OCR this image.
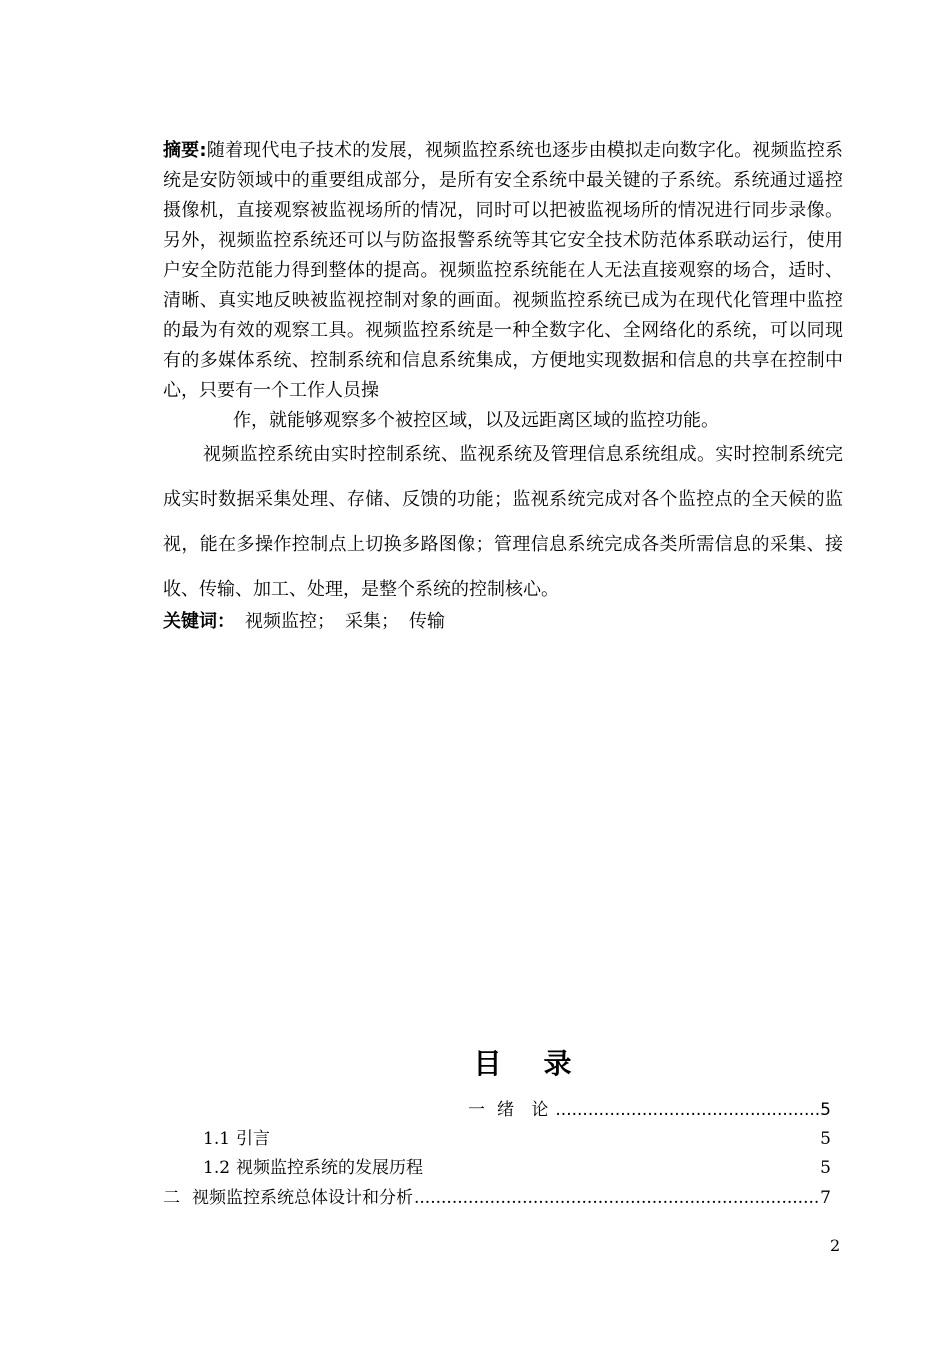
摘要:随着现代电子技术的发展，视频监控系统也逐步由模拟走向数字化。视频监控系统是安防领域中的重要组成部分，是所有安全系统中最关键的子系统。系统通过遥控摄像机，直接观察被监视场所的情况，同时可以把被监视场所的情况进行同步录像。另外，视频监控系统还可以与防盗报警系统等其它安全技术防范体系联动运行，使用户安全防范能力得到整体的提高。视频监控系统能在人无法直接观察的场合，适时、清晰、真实地反映被监视控制对象的画面。视频监控系统已成为在现代化管理中监控的最为有效的观察工具。视频监控系统是一种全数字化、全网络化的系统，可以同现有的多媒体系统、控制系统和信息系统集成，方便地实现数据和信息的共享在控制中心，只要有一个工作人员操
作，就能够观察多个被控区域，以及远距离区域的监控功能。
视频监控系统由实时控制系统、监视系统及管理信息系统组成。实时控制系统完成实时数据采集处理、存储、反馈的功能；监视系统完成对各个监控点的全天候的监视，能在多操作控制点上切换多路图像；管理信息系统完成各类所需信息的采集、接收、传输、加工、处理，是整个系统的控制核心。
关键词： 视频监控； 采集； 传输
目录
一 绪 论 .....	5
1.1 引言	5
1.2 视频监控系统的发展历程	5
二 视频监控系统总体设计和分析 .....	7
2
